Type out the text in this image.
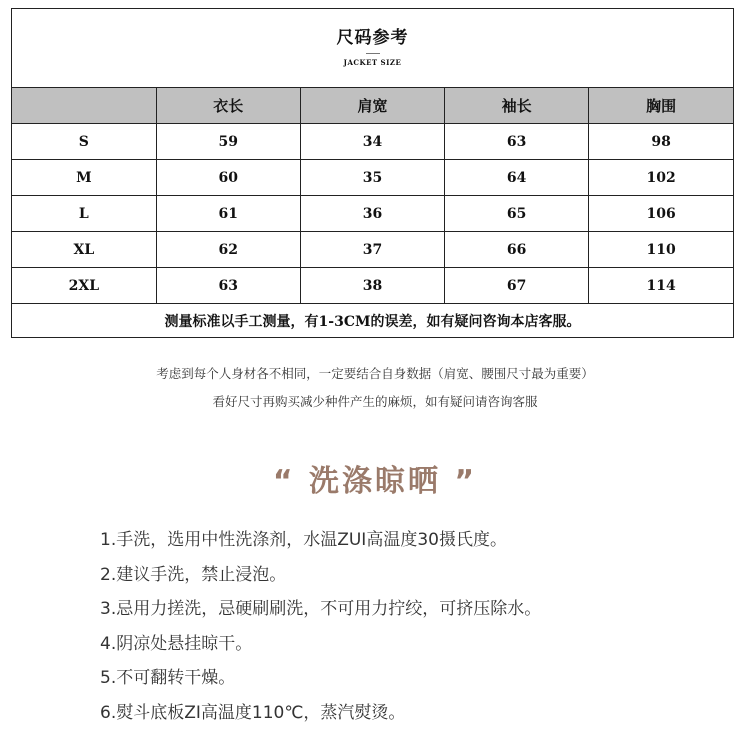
尺码参考
JACKET SIZE
	衣长	肩宽	袖长	胸围
S	59	34	63	98
M	60	35	64	102
L	61	36	65	106
XL	62	37	66	110
2XL	63	38	67	114
测量标准以手工测量，有1-3CM的误差，如有疑问咨询本店客服。
考虑到每个人身材各不相同，一定要结合自身数据（肩宽、腰围尺寸最为重要）
看好尺寸再购买减少种件产生的麻烦，如有疑问请咨询客服
“ 洗涤晾晒 ”
1.手洗，选用中性洗涤剂，水温ZUI高温度30摄氏度。
2.建议手洗，禁止浸泡。
3.忌用力搓洗，忌硬刷刷洗，不可用力拧绞，可挤压除水。
4.阴凉处悬挂晾干。
5.不可翻转干燥。
6.熨斗底板ZI高温度110℃，蒸汽熨烫。
